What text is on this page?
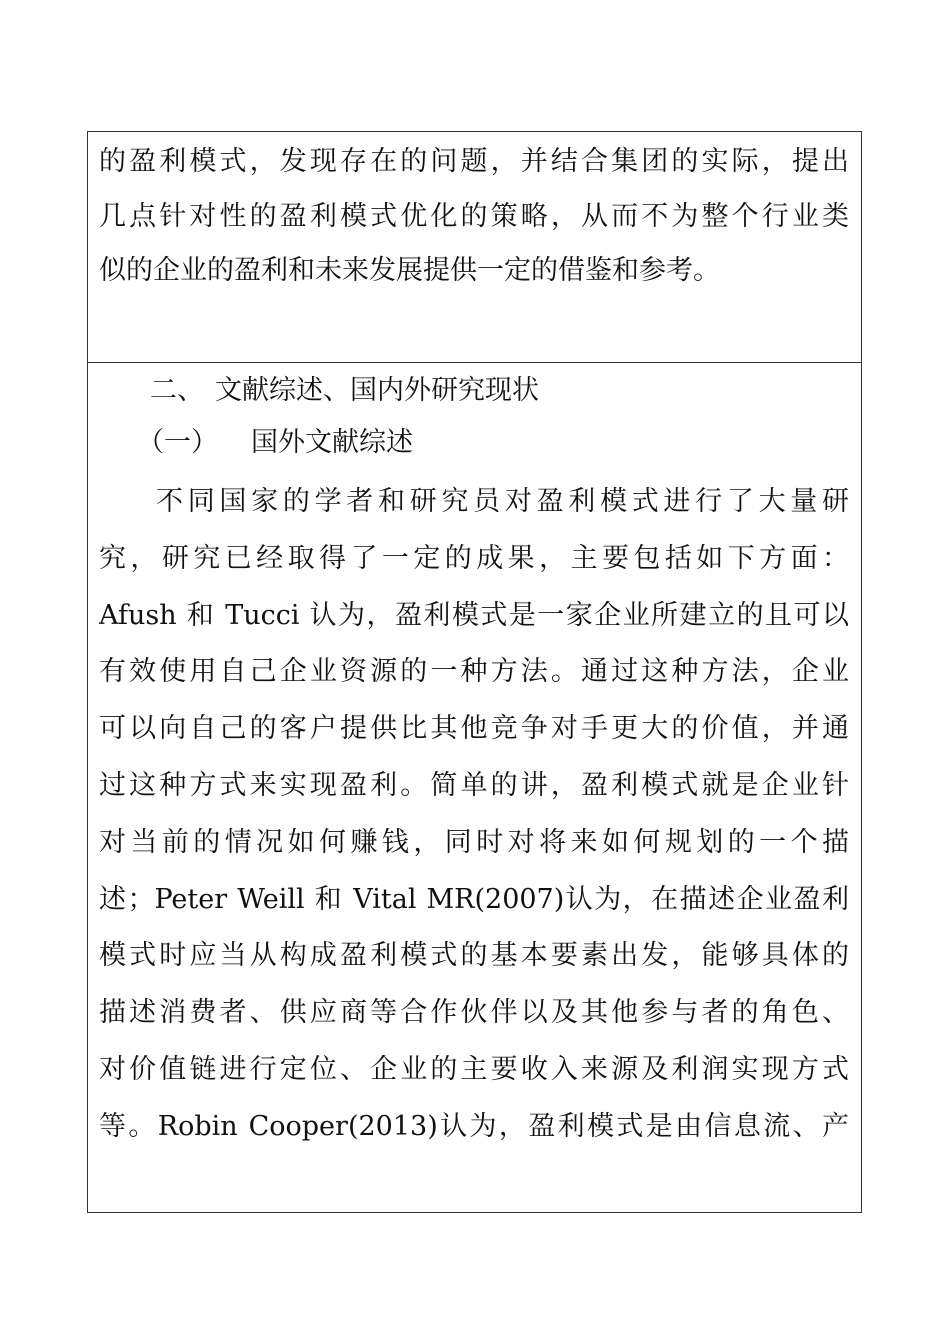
的盈利模式，发现存在的问题，并结合集团的实际，提出
几点针对性的盈利模式优化的策略，从而不为整个行业类
似的企业的盈利和未来发展提供一定的借鉴和参考。
二、 文献综述、国内外研究现状
（一） 国外文献综述
不同国家的学者和研究员对盈利模式进行了大量研
究，研究已经取得了一定的成果，主要包括如下方面：
Afush 和 Tucci 认为，盈利模式是一家企业所建立的且可以
有效使用自己企业资源的一种方法。通过这种方法，企业
可以向自己的客户提供比其他竞争对手更大的价值，并通
过这种方式来实现盈利。简单的讲，盈利模式就是企业针
对当前的情况如何赚钱，同时对将来如何规划的一个描
述；Peter Weill 和 Vital MR(2007)认为，在描述企业盈利
模式时应当从构成盈利模式的基本要素出发，能够具体的
描述消费者、供应商等合作伙伴以及其他参与者的角色、
对价值链进行定位、企业的主要收入来源及利润实现方式
等。Robin Cooper(2013)认为，盈利模式是由信息流、产
